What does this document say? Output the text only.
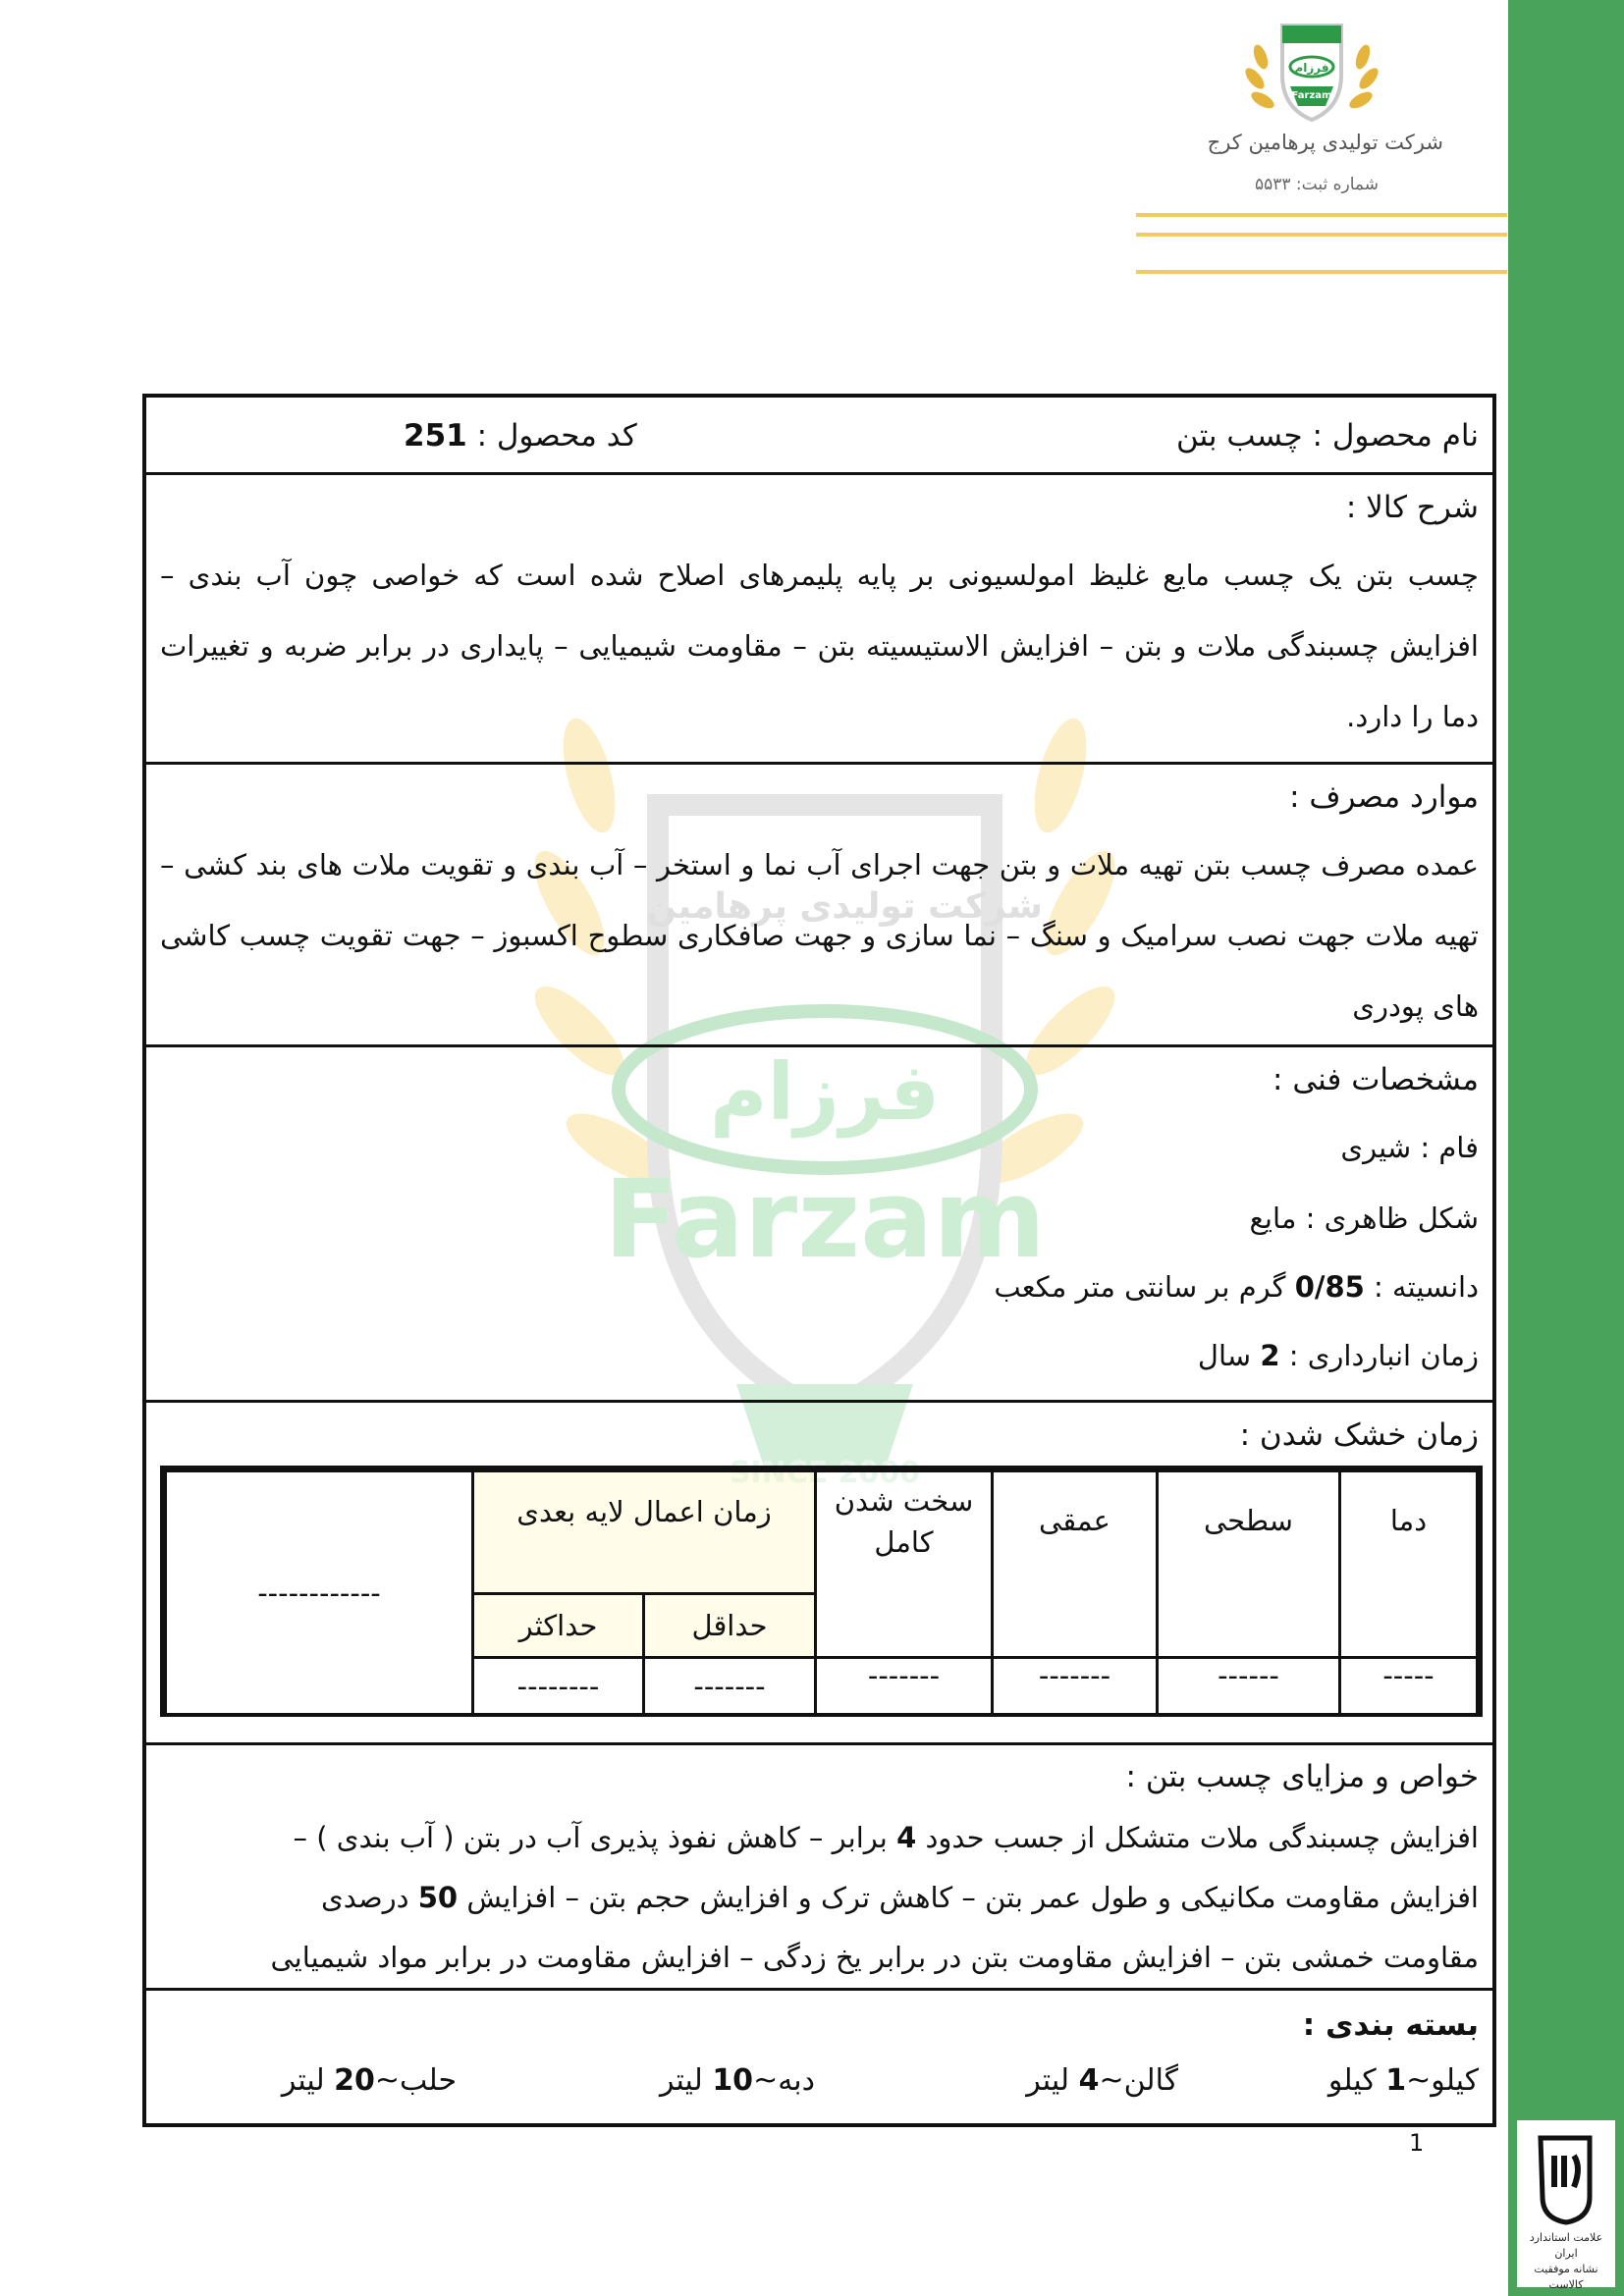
علامت استاندارد ایران
نشانه موفقیت کالاست
فرزام
Farzam
شرکت تولیدی پرهامین کرج
شماره ثبت: ۵۵۳۳
فرزام
Farzam
شرکت تولیدی پرهامین
SINCE 2000
نام محصول : چسب بتن
کد محصول : 251
شرح کالا :
چسب بتن یک چسب مایع غلیظ امولسیونی بر پایه پلیمرهای اصلاح شده است که خواصی چون آب بندی – افزایش چسبندگی ملات و بتن – افزایش الاستیسیته بتن – مقاومت شیمیایی – پایداری در برابر ضربه و تغییرات دما را دارد.
موارد مصرف :
عمده مصرف چسب بتن تهیه ملات و بتن جهت اجرای آب نما و استخر – آب بندی و تقویت ملات های بند کشی – تهیه ملات جهت نصب سرامیک و سنگ – نما سازی و جهت صافکاری سطوح اکسبوز – جهت تقویت چسب کاشی های پودری
مشخصات فنی :
فام : شیری
شکل ظاهری : مایع
دانسیته : 0/85 گرم بر سانتی متر مکعب
زمان انبارداری : 2 سال
زمان خشک شدن :
دما	سطحی	عمقی	سخت شدن کامل	زمان اعمال لایه بعدی		------------
				حداقل	حداکثر	
-----	------	-------	-------	-------	--------	
خواص و مزایای چسب بتن :
افزایش چسبندگی ملات متشکل از جسب حدود 4 برابر – کاهش نفوذ پذیری آب در بتن ( آب بندی ) –
افزایش مقاومت مکانیکی و طول عمر بتن – کاهش ترک و افزایش حجم بتن – افزایش 50 درصدی
مقاومت خمشی بتن – افزایش مقاومت بتن در برابر یخ زدگی – افزایش مقاومت در برابر مواد شیمیایی
بسته بندی :
کیلو~1 کیلو
گالن~4 لیتر
دبه~10 لیتر
حلب~20 لیتر
1
